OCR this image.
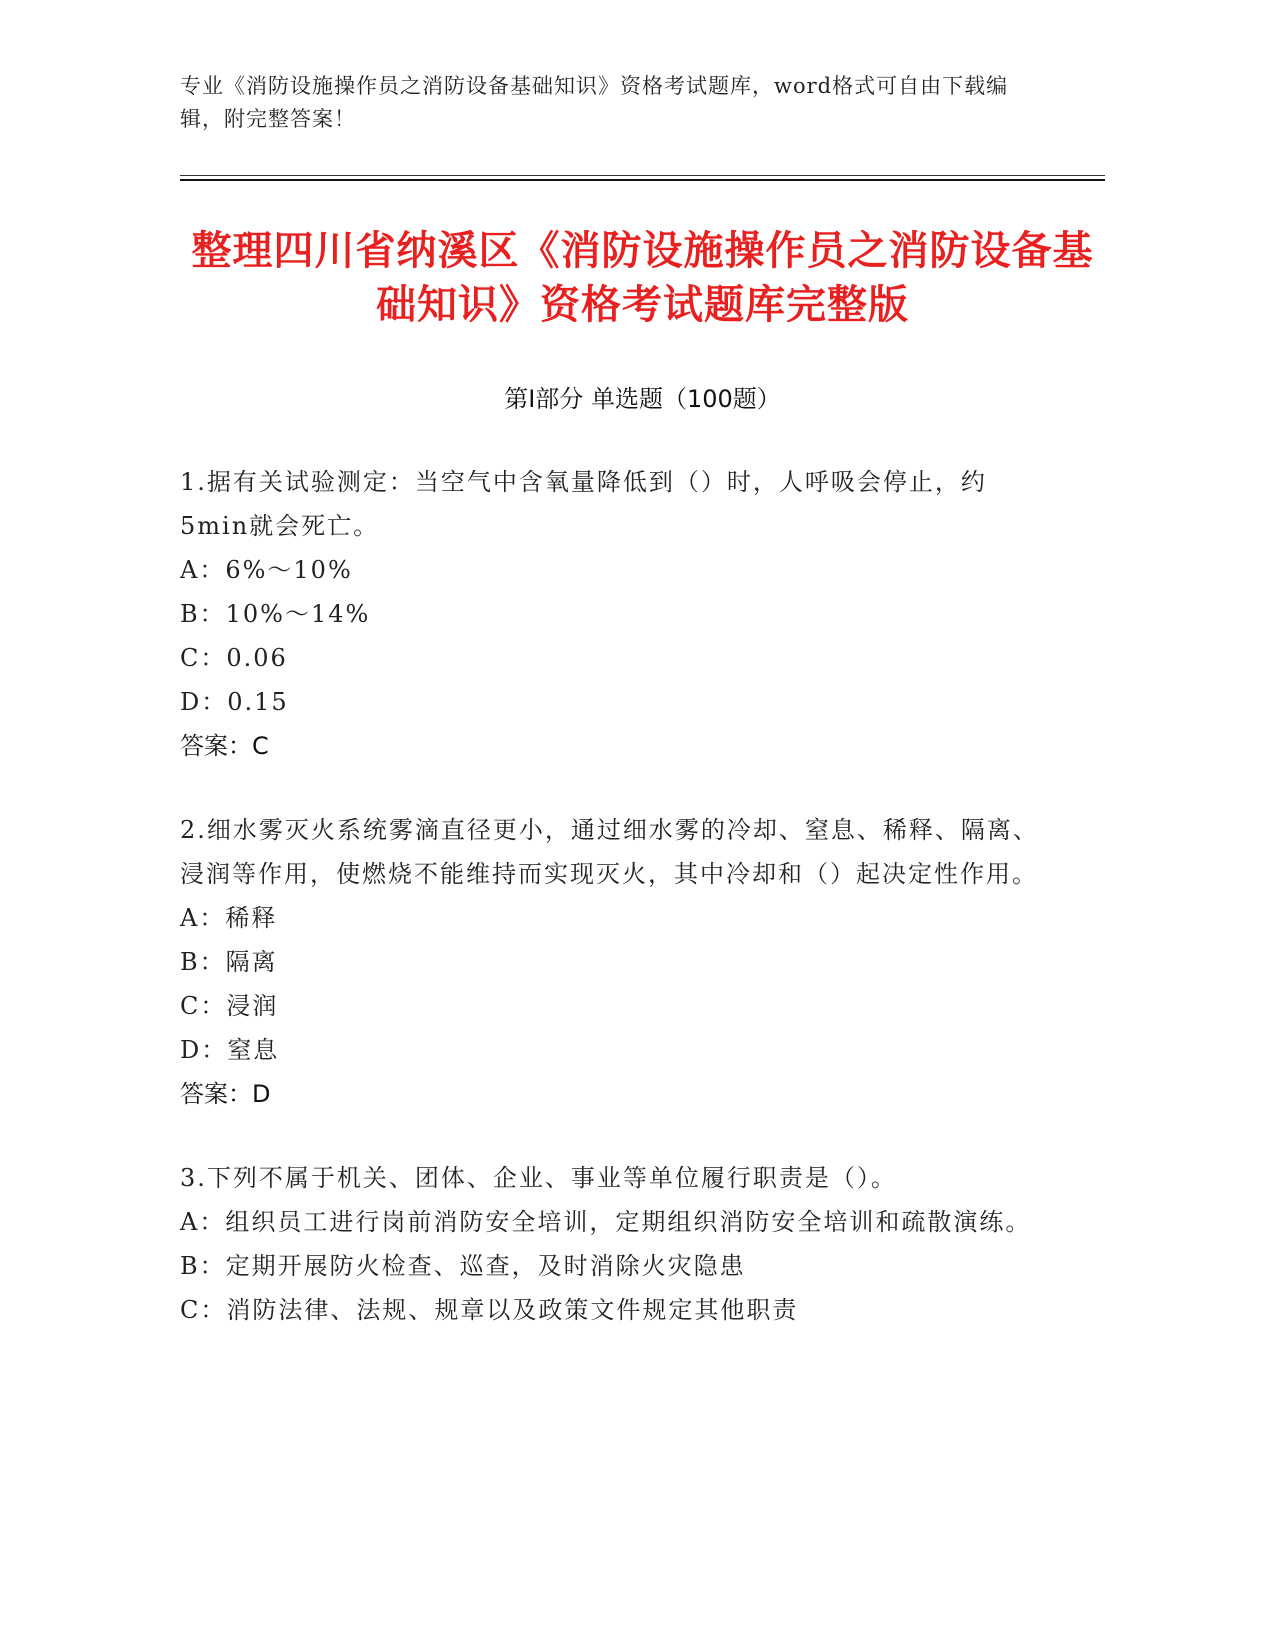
专业《消防设施操作员之消防设备基础知识》资格考试题库，word格式可自由下载编辑，附完整答案！
整理四川省纳溪区《消防设施操作员之消防设备基础知识》资格考试题库完整版
第Ⅰ部分 单选题（100题）
1.据有关试验测定：当空气中含氧量降低到（）时，人呼吸会停止，约5min就会死亡。
A：6%～10%
B：10%～14%
C：0.06
D：0.15
答案：C
2.细水雾灭火系统雾滴直径更小，通过细水雾的冷却、窒息、稀释、隔离、浸润等作用，使燃烧不能维持而实现灭火，其中冷却和（）起决定性作用。
A：稀释
B：隔离
C：浸润
D：窒息
答案：D
3.下列不属于机关、团体、企业、事业等单位履行职责是（）。
A：组织员工进行岗前消防安全培训，定期组织消防安全培训和疏散演练。
B：定期开展防火检查、巡查，及时消除火灾隐患
C：消防法律、法规、规章以及政策文件规定其他职责
